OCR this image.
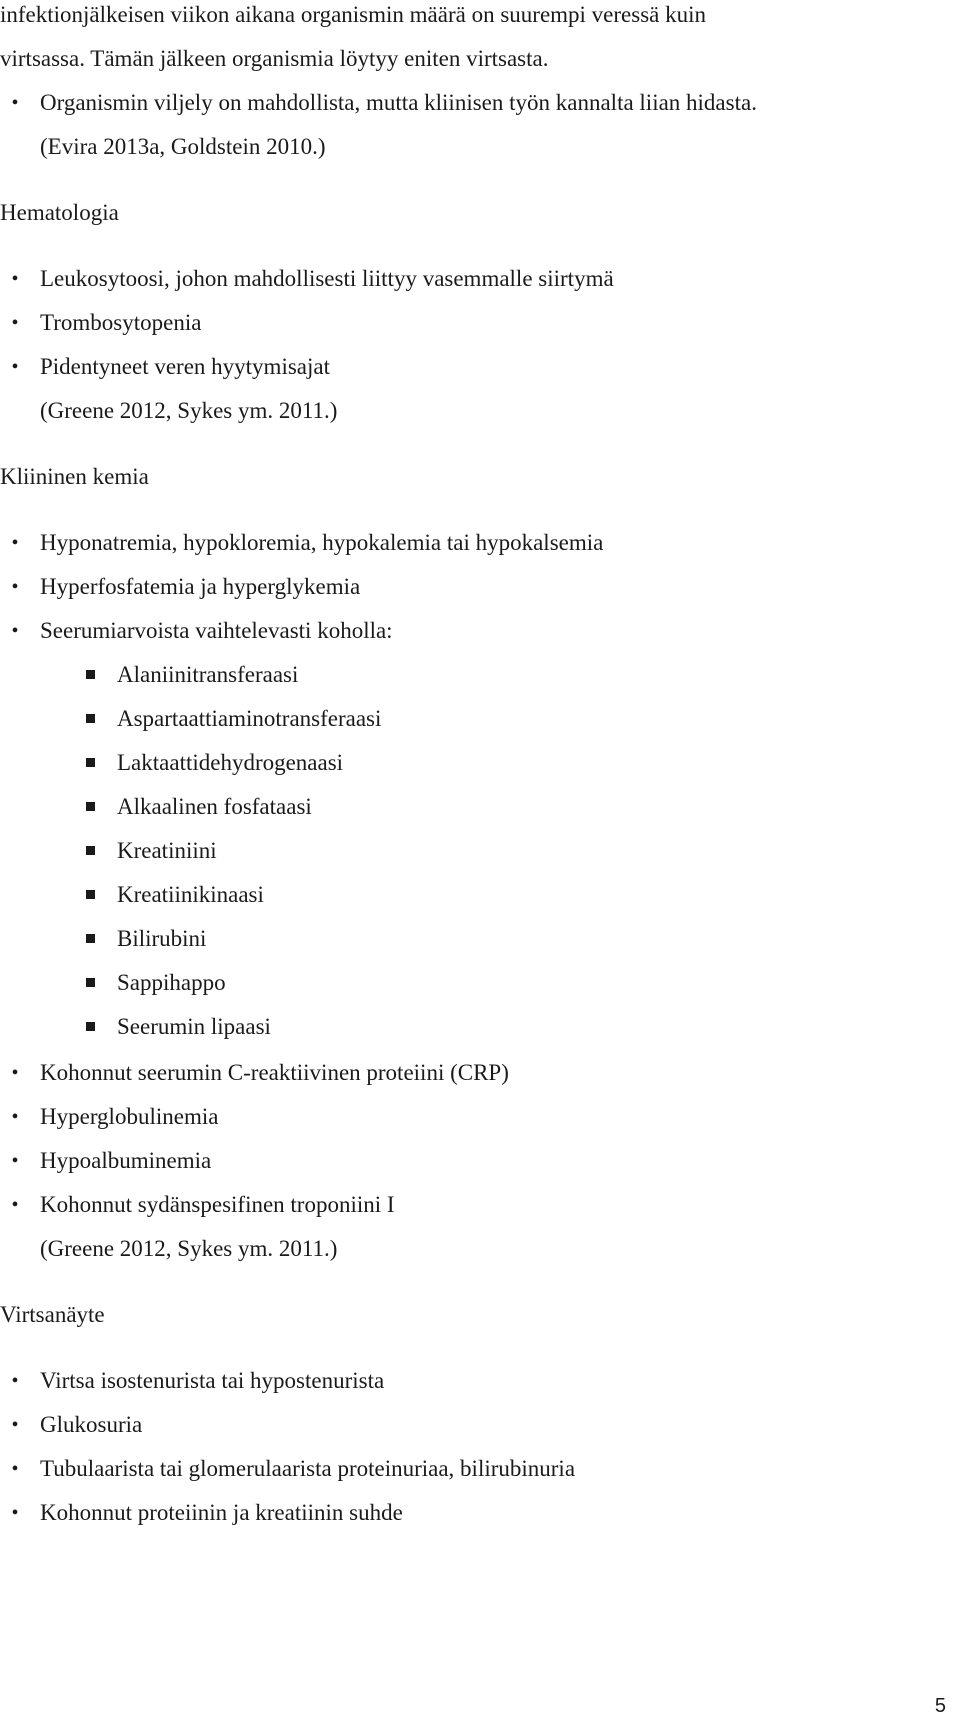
infektionjälkeisen viikon aikana organismin määrä on suurempi veressä kuin
virtsassa. Tämän jälkeen organismia löytyy eniten virtsasta.
• Organismin viljely on mahdollista, mutta kliinisen työn kannalta liian hidasta.
(Evira 2013a, Goldstein 2010.)
Hematologia
• Leukosytoosi, johon mahdollisesti liittyy vasemmalle siirtymä
• Trombosytopenia
• Pidentyneet veren hyytymisajat
(Greene 2012, Sykes ym. 2011.)
Kliininen kemia
• Hyponatremia, hypokloremia, hypokalemia tai hypokalsemia
• Hyperfosfatemia ja hyperglykemia
• Seerumiarvoista vaihtelevasti koholla:
Alaniinitransferaasi
Aspartaattiaminotransferaasi
Laktaattidehydrogenaasi
Alkaalinen fosfataasi
Kreatiniini
Kreatiinikinaasi
Bilirubini
Sappihappo
Seerumin lipaasi
• Kohonnut seerumin C-reaktiivinen proteiini (CRP)
• Hyperglobulinemia
• Hypoalbuminemia
• Kohonnut sydänspesifinen troponiini I
(Greene 2012, Sykes ym. 2011.)
Virtsanäyte
• Virtsa isostenurista tai hypostenurista
• Glukosuria
• Tubulaarista tai glomerulaarista proteinuriaa, bilirubinuria
• Kohonnut proteiinin ja kreatiinin suhde
5
